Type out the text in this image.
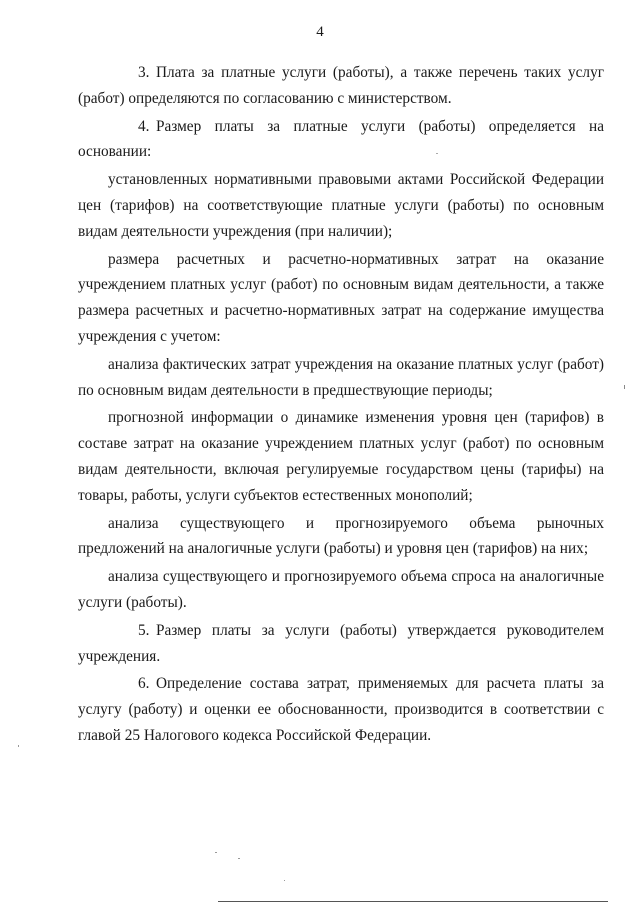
4

3. Плата за платные услуги (работы), а также перечень таких услуг (работ) определяются по согласованию с министерством.

4. Размер платы за платные услуги (работы) определяется на основании:

установленных нормативными правовыми актами Российской Федерации цен (тарифов) на соответствующие платные услуги (работы) по основным видам деятельности учреждения (при наличии);

размера расчетных и расчетно-нормативных затрат на оказание учреждением платных услуг (работ) по основным видам деятельности, а также размера расчетных и расчетно-нормативных затрат на содержание имущества учреждения с учетом:

анализа фактических затрат учреждения на оказание платных услуг (работ) по основным видам деятельности в предшествующие периоды;

прогнозной информации о динамике изменения уровня цен (тарифов) в составе затрат на оказание учреждением платных услуг (работ) по основным видам деятельности, включая регулируемые государством цены (тарифы) на товары, работы, услуги субъектов естественных монополий;

анализа существующего и прогнозируемого объема рыночных предложений на аналогичные услуги (работы) и уровня цен (тарифов) на них;

анализа существующего и прогнозируемого объема спроса на аналогичные услуги (работы).

5. Размер платы за услуги (работы) утверждается руководителем учреждения.

6. Определение состава затрат, применяемых для расчета платы за услугу (работу) и оценки ее обоснованности, производится в соответствии с главой 25 Налогового кодекса Российской Федерации.
